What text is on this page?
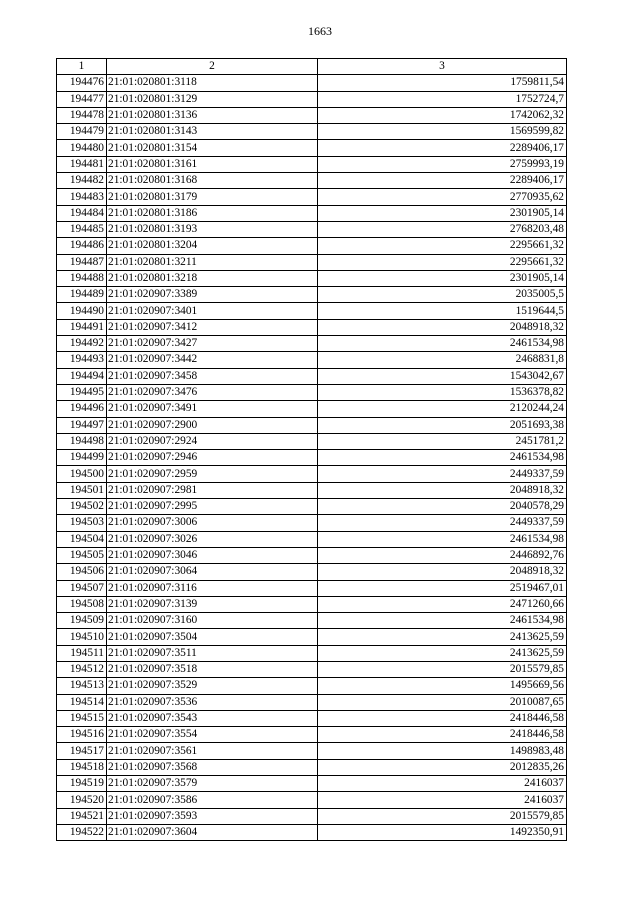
1663
1	2	3
194476	21:01:020801:3118	1759811,54
194477	21:01:020801:3129	1752724,7
194478	21:01:020801:3136	1742062,32
194479	21:01:020801:3143	1569599,82
194480	21:01:020801:3154	2289406,17
194481	21:01:020801:3161	2759993,19
194482	21:01:020801:3168	2289406,17
194483	21:01:020801:3179	2770935,62
194484	21:01:020801:3186	2301905,14
194485	21:01:020801:3193	2768203,48
194486	21:01:020801:3204	2295661,32
194487	21:01:020801:3211	2295661,32
194488	21:01:020801:3218	2301905,14
194489	21:01:020907:3389	2035005,5
194490	21:01:020907:3401	1519644,5
194491	21:01:020907:3412	2048918,32
194492	21:01:020907:3427	2461534,98
194493	21:01:020907:3442	2468831,8
194494	21:01:020907:3458	1543042,67
194495	21:01:020907:3476	1536378,82
194496	21:01:020907:3491	2120244,24
194497	21:01:020907:2900	2051693,38
194498	21:01:020907:2924	2451781,2
194499	21:01:020907:2946	2461534,98
194500	21:01:020907:2959	2449337,59
194501	21:01:020907:2981	2048918,32
194502	21:01:020907:2995	2040578,29
194503	21:01:020907:3006	2449337,59
194504	21:01:020907:3026	2461534,98
194505	21:01:020907:3046	2446892,76
194506	21:01:020907:3064	2048918,32
194507	21:01:020907:3116	2519467,01
194508	21:01:020907:3139	2471260,66
194509	21:01:020907:3160	2461534,98
194510	21:01:020907:3504	2413625,59
194511	21:01:020907:3511	2413625,59
194512	21:01:020907:3518	2015579,85
194513	21:01:020907:3529	1495669,56
194514	21:01:020907:3536	2010087,65
194515	21:01:020907:3543	2418446,58
194516	21:01:020907:3554	2418446,58
194517	21:01:020907:3561	1498983,48
194518	21:01:020907:3568	2012835,26
194519	21:01:020907:3579	2416037
194520	21:01:020907:3586	2416037
194521	21:01:020907:3593	2015579,85
194522	21:01:020907:3604	1492350,91
